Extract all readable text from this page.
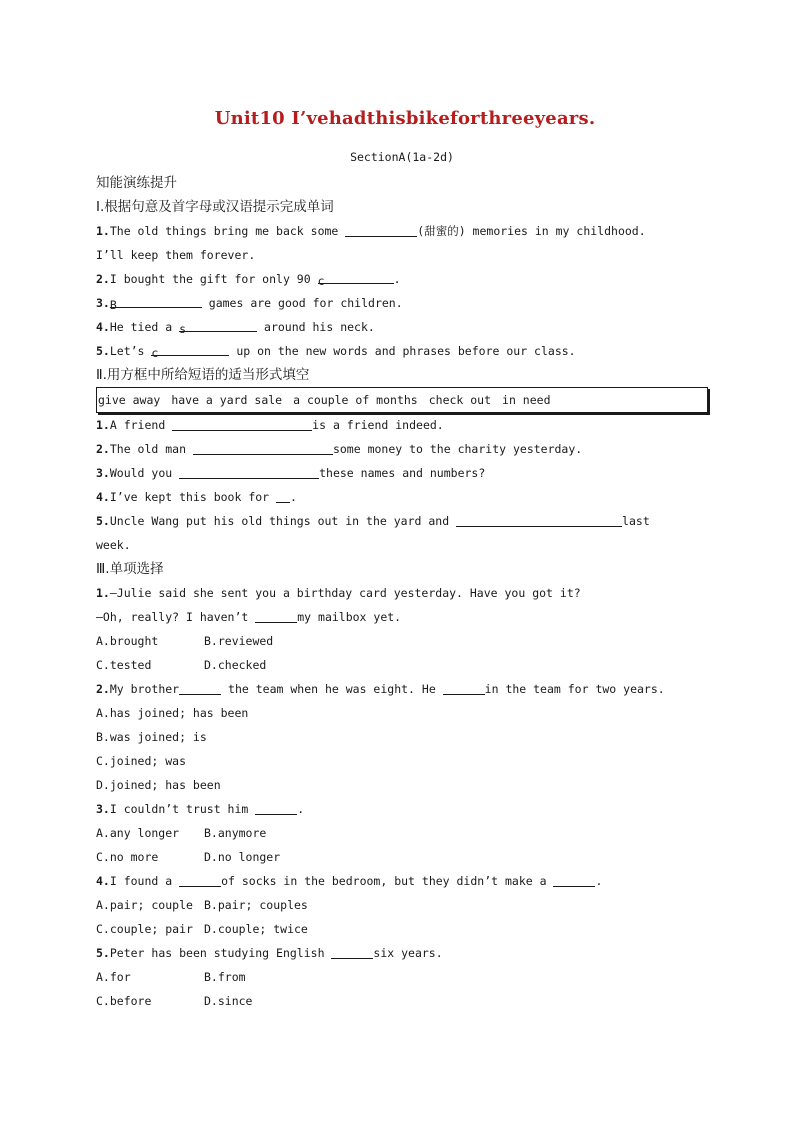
Unit10 I’vehadthisbikeforthreeyears.
SectionA(1a-2d)
知能演练提升
Ⅰ.根据句意及首字母或汉语提示完成单词
1.The old things bring me back some	(甜蜜的) memories in my childhood.
I’ll keep them forever.
2.I bought the gift for only 90 c	.
3.B	games are good for children.
4.He tied a s	around his neck.
5.Let’s c	up on the new words and phrases before our class.
Ⅱ.用方框中所给短语的适当形式填空
give away have a yard sale a couple of months check out in need
1.A friend	is a friend indeed.
2.The old man	some money to the charity yesterday.
3.Would you	these names and numbers?
4.I’ve kept this book for .
5.Uncle Wang put his old things out in the yard and	last
week.
Ⅲ.单项选择
1.—Julie said she sent you a birthday card yesterday. Have you got it?
—Oh, really? I haven’t	my mailbox yet.
A.brought	B.reviewed
C.tested	D.checked
2.My brother	the team when he was eight. He	in the team for two years.
A.has joined; has been
B.was joined; is
C.joined; was
D.joined; has been
3.I couldn’t trust him	.
A.any longer B.anymore
C.no more	D.no longer
4.I found a	of socks in the bedroom, but they didn’t make a	.
A.pair; couple B.pair; couples
C.couple; pair D.couple; twice
5.Peter has been studying English	six years.
A.for	B.from
C.before	D.since
